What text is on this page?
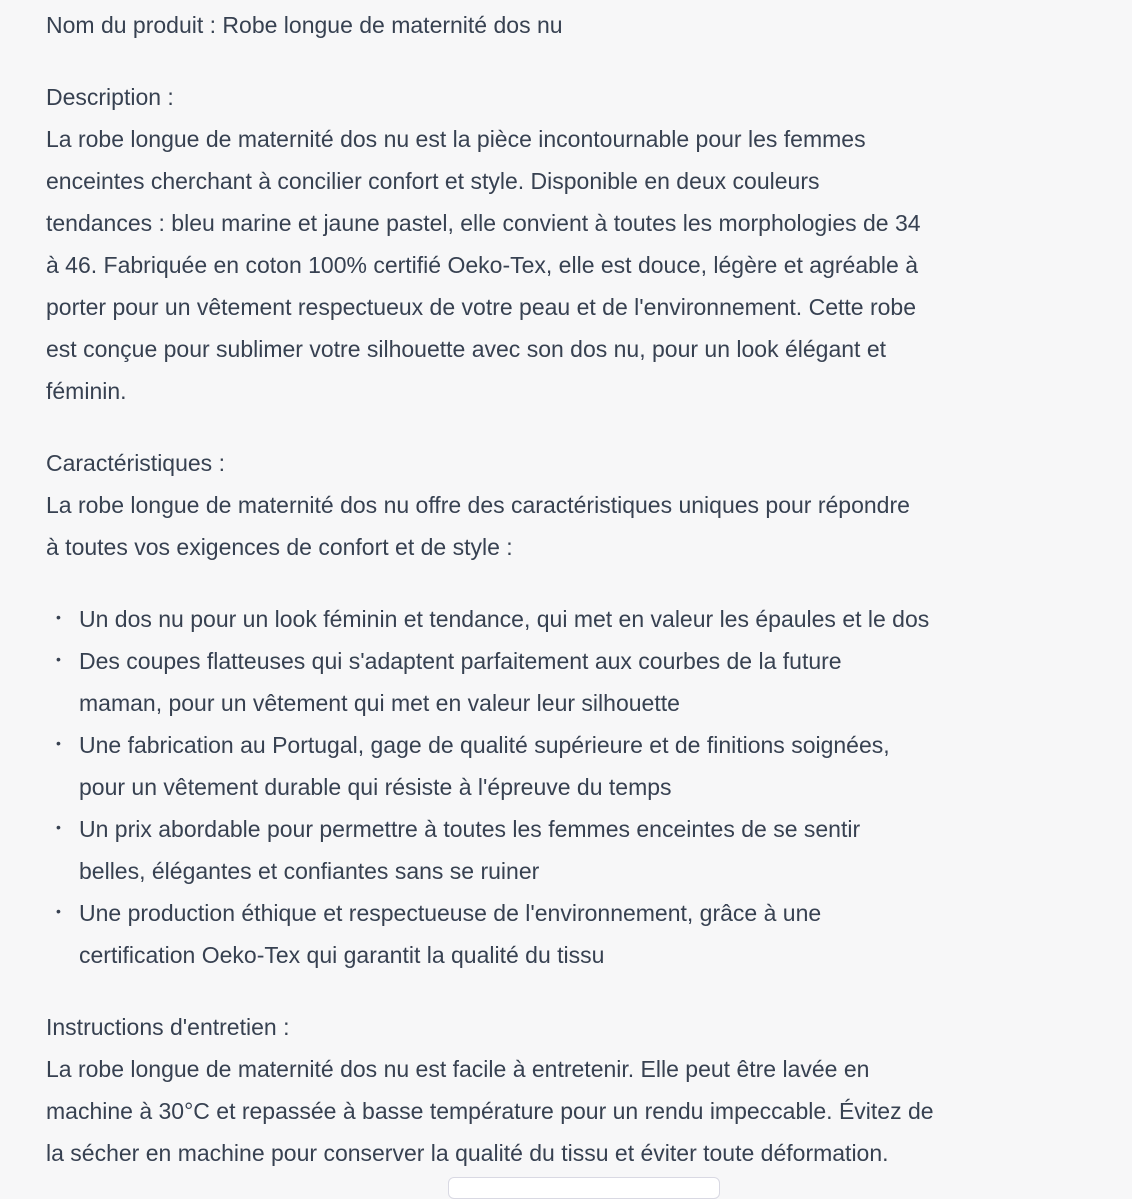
Nom du produit : Robe longue de maternité dos nu

Description :

La robe longue de maternité dos nu est la pièce incontournable pour les femmes
enceintes cherchant à concilier confort et style. Disponible en deux couleurs
tendances : bleu marine et jaune pastel, elle convient à toutes les morphologies de 34
à 46. Fabriquée en coton 100% certifié Oeko-Tex, elle est douce, légère et agréable à
porter pour un vêtement respectueux de votre peau et de l'environnement. Cette robe
est conçue pour sublimer votre silhouette avec son dos nu, pour un look élégant et
féminin.

Caractéristiques :

La robe longue de maternité dos nu offre des caractéristiques uniques pour répondre
à toutes vos exigences de confort et de style :
• Un dos nu pour un look féminin et tendance, qui met en valeur les épaules et le dos
• Des coupes flatteuses qui s'adaptent parfaitement aux courbes de la future
maman, pour un vêtement qui met en valeur leur silhouette
• Une fabrication au Portugal, gage de qualité supérieure et de finitions soignées,
pour un vêtement durable qui résiste à l'épreuve du temps
• Un prix abordable pour permettre à toutes les femmes enceintes de se sentir
belles, élégantes et confiantes sans se ruiner
• Une production éthique et respectueuse de l'environnement, grâce à une
certification Oeko-Tex qui garantit la qualité du tissu

Instructions d'entretien :

La robe longue de maternité dos nu est facile à entretenir. Elle peut être lavée en
machine à 30°C et repassée à basse température pour un rendu impeccable. Évitez de
la sécher en machine pour conserver la qualité du tissu et éviter toute déformation.
